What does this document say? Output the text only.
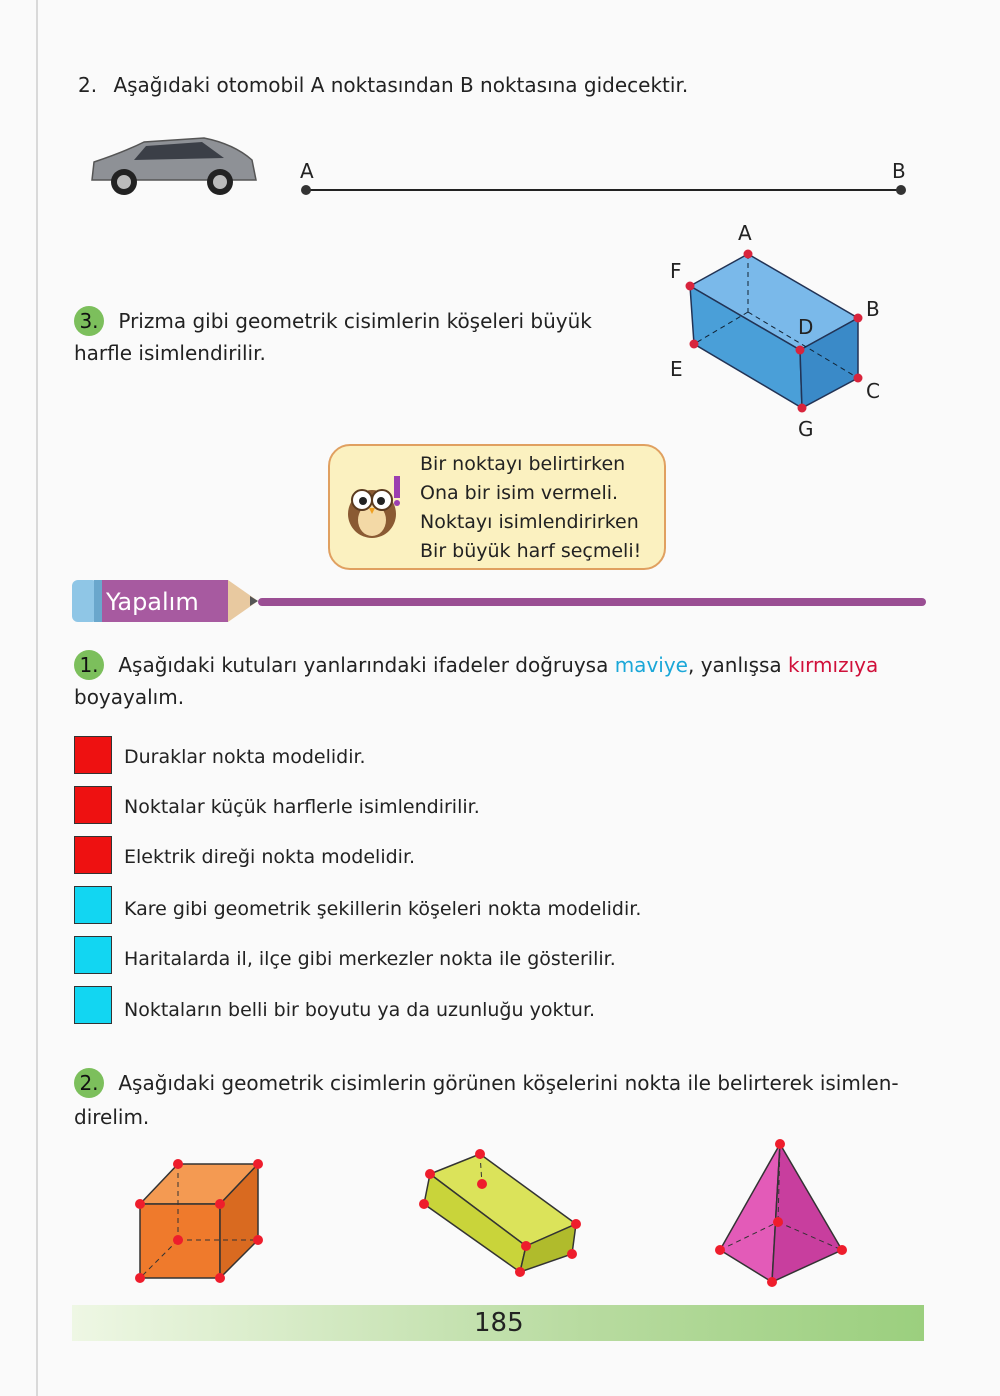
2. Aşağıdaki otomobil A noktasından B noktasına gidecektir.
A	B
3. Prizma gibi geometrik cisimlerin köşeleri büyük
harfle isimlendirilir.
A
F
B
D
E
C
G
Bir noktayı belirtirken
Ona bir isim vermeli.
Noktayı isimlendirirken
Bir büyük harf seçmeli!
Yapalım
1. Aşağıdaki kutuları yanlarındaki ifadeler doğruysa maviye, yanlışsa kırmızıya
boyayalım.
Duraklar nokta modelidir.
Noktalar küçük harflerle isimlendirilir.
Elektrik direği nokta modelidir.
Kare gibi geometrik şekillerin köşeleri nokta modelidir.
Haritalarda il, ilçe gibi merkezler nokta ile gösterilir.
Noktaların belli bir boyutu ya da uzunluğu yoktur.
2. Aşağıdaki geometrik cisimlerin görünen köşelerini nokta ile belirterek isimlen-
direlim.
185
